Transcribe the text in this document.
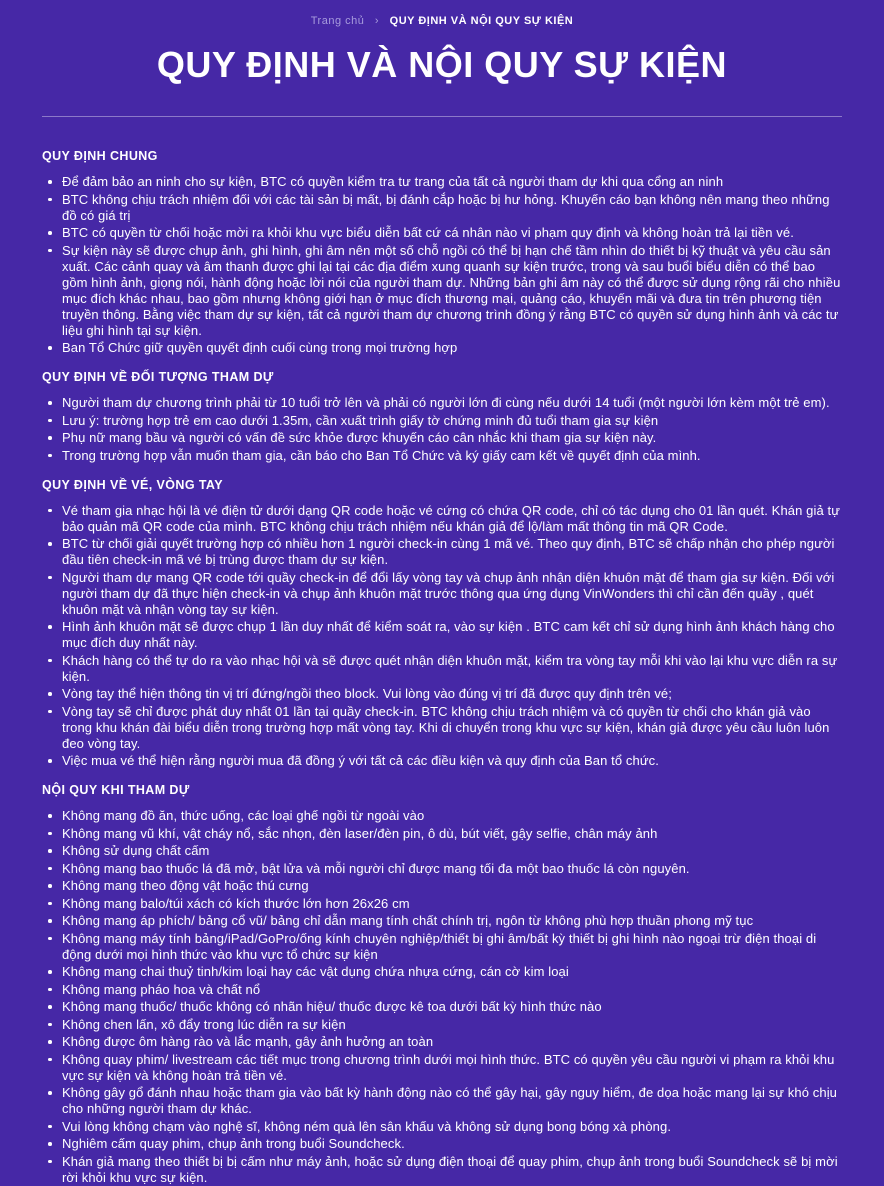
Trang chủ › QUY ĐỊNH VÀ NỘI QUY SỰ KIỆN
QUY ĐỊNH VÀ NỘI QUY SỰ KIỆN
QUY ĐỊNH CHUNG
Để đảm bảo an ninh cho sự kiện, BTC có quyền kiểm tra tư trang của tất cả người tham dự khi qua cổng an ninh
BTC không chịu trách nhiệm đối với các tài sản bị mất, bị đánh cắp hoặc bị hư hỏng. Khuyến cáo bạn không nên mang theo những đồ có giá trị
BTC có quyền từ chối hoặc mời ra khỏi khu vực biểu diễn bất cứ cá nhân nào vi phạm quy định và không hoàn trả lại tiền vé.
Sự kiện này sẽ được chụp ảnh, ghi hình, ghi âm nên một số chỗ ngồi có thể bị hạn chế tầm nhìn do thiết bị kỹ thuật và yêu cầu sản xuất. Các cảnh quay và âm thanh được ghi lại tại các địa điểm xung quanh sự kiện trước, trong và sau buổi biểu diễn có thể bao gồm hình ảnh, giọng nói, hành động hoặc lời nói của người tham dự. Những bản ghi âm này có thể được sử dụng rộng rãi cho nhiều mục đích khác nhau, bao gồm nhưng không giới hạn ở mục đích thương mại, quảng cáo, khuyến mãi và đưa tin trên phương tiện truyền thông. Bằng việc tham dự sự kiện, tất cả người tham dự chương trình đồng ý rằng BTC có quyền sử dụng hình ảnh và các tư liệu ghi hình tại sự kiện.
Ban Tổ Chức giữ quyền quyết định cuối cùng trong mọi trường hợp
QUY ĐỊNH VỀ ĐỐI TƯỢNG THAM DỰ
Người tham dự chương trình phải từ 10 tuổi trở lên và phải có người lớn đi cùng nếu dưới 14 tuổi (một người lớn kèm một trẻ em).
Lưu ý: trường hợp trẻ em cao dưới 1.35m, cần xuất trình giấy tờ chứng minh đủ tuổi tham gia sự kiện
Phụ nữ mang bầu và người có vấn đề sức khỏe được khuyến cáo cân nhắc khi tham gia sự kiện này.
Trong trường hợp vẫn muốn tham gia, cần báo cho Ban Tổ Chức và ký giấy cam kết về quyết định của mình.
QUY ĐỊNH VỀ VÉ, VÒNG TAY
Vé tham gia nhạc hội là vé điện tử dưới dạng QR code hoặc vé cứng có chứa QR code, chỉ có tác dụng cho 01 lần quét. Khán giả tự bảo quản mã QR code của mình. BTC không chịu trách nhiệm nếu khán giả để lộ/làm mất thông tin mã QR Code.
BTC từ chối giải quyết trường hợp có nhiều hơn 1 người check-in cùng 1 mã vé. Theo quy định, BTC sẽ chấp nhận cho phép người đầu tiên check-in mã vé bị trùng được tham dự sự kiện.
Người tham dự mang QR code tới quầy check-in để đổi lấy vòng tay và chụp ảnh nhận diện khuôn mặt để tham gia sự kiện. Đối với người tham dự đã thực hiện check-in và chụp ảnh khuôn mặt trước thông qua ứng dụng VinWonders thì chỉ cần đến quầy , quét khuôn mặt và nhận vòng tay sự kiện.
Hình ảnh khuôn mặt sẽ được chụp 1 lần duy nhất để kiểm soát ra, vào sự kiện . BTC cam kết chỉ sử dụng hình ảnh khách hàng cho mục đích duy nhất này.
Khách hàng có thể tự do ra vào nhạc hội và sẽ được quét nhận diện khuôn mặt, kiểm tra vòng tay mỗi khi vào lại khu vực diễn ra sự kiện.
Vòng tay thể hiện thông tin vị trí đứng/ngồi theo block. Vui lòng vào đúng vị trí đã được quy định trên vé;
Vòng tay sẽ chỉ được phát duy nhất 01 lần tại quầy check-in. BTC không chịu trách nhiệm và có quyền từ chối cho khán giả vào trong khu khán đài biểu diễn trong trường hợp mất vòng tay. Khi di chuyển trong khu vực sự kiện, khán giả được yêu cầu luôn luôn đeo vòng tay.
Việc mua vé thể hiện rằng người mua đã đồng ý với tất cả các điều kiện và quy định của Ban tổ chức.
NỘI QUY KHI THAM DỰ
Không mang đồ ăn, thức uống, các loại ghế ngồi từ ngoài vào
Không mang vũ khí, vật cháy nổ, sắc nhọn, đèn laser/đèn pin, ô dù, bút viết, gậy selfie, chân máy ảnh
Không sử dụng chất cấm
Không mang bao thuốc lá đã mở, bật lửa và mỗi người chỉ được mang tối đa một bao thuốc lá còn nguyên.
Không mang theo động vật hoặc thú cưng
Không mang balo/túi xách có kích thước lớn hơn 26x26 cm
Không mang áp phích/ bảng cổ vũ/ bảng chỉ dẫn mang tính chất chính trị, ngôn từ không phù hợp thuần phong mỹ tục
Không mang máy tính bảng/iPad/GoPro/ống kính chuyên nghiệp/thiết bị ghi âm/bất kỳ thiết bị ghi hình nào ngoại trừ điện thoại di động dưới mọi hình thức vào khu vực tổ chức sự kiện
Không mang chai thuỷ tinh/kim loại hay các vật dụng chứa nhựa cứng, cán cờ kim loại
Không mang pháo hoa và chất nổ
Không mang thuốc/ thuốc không có nhãn hiệu/ thuốc được kê toa dưới bất kỳ hình thức nào
Không chen lấn, xô đẩy trong lúc diễn ra sự kiện
Không được ôm hàng rào và lắc mạnh, gây ảnh hưởng an toàn
Không quay phim/ livestream các tiết mục trong chương trình dưới mọi hình thức. BTC có quyền yêu cầu người vi phạm ra khỏi khu vực sự kiện và không hoàn trả tiền vé.
Không gây gổ đánh nhau hoặc tham gia vào bất kỳ hành động nào có thể gây hại, gây nguy hiểm, đe dọa hoặc mang lại sự khó chịu cho những người tham dự khác.
Vui lòng không chạm vào nghệ sĩ, không ném quà lên sân khấu và không sử dụng bong bóng xà phòng.
Nghiêm cấm quay phim, chụp ảnh trong buổi Soundcheck.
Khán giả mang theo thiết bị bị cấm như máy ảnh, hoặc sử dụng điện thoại để quay phim, chụp ảnh trong buổi Soundcheck sẽ bị mời rời khỏi khu vực sự kiện.
